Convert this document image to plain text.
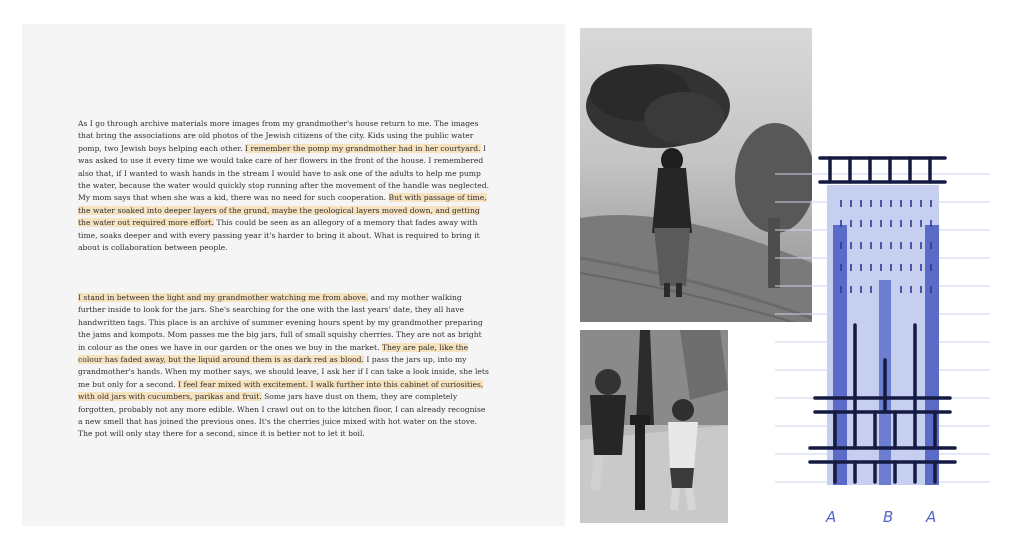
As I go through archive materials more images from my grandmother's house return to me. The images that bring the associations are old photos of the Jewish citizens of the city. Kids using the public water pomp, two Jewish boys helping each other. I remember the pomp my grandmother had in her courtyard. I was asked to use it every time we would take care of her flowers in the front of the house. I remembered also that, if I wanted to wash hands in the stream I would have to ask one of the adults to help me pump the water, because the water would quickly stop running after the movement of the handle was neglected. My mom says that when she was a kid, there was no need for such cooperation. But with passage of time, the water soaked into deeper layers of the grund, maybe the geological layers moved down, and getting the water out required more effort. This could be seen as an allegory of a memory that fades away with time, soaks deeper and with every passing year it's harder to bring it about. What is required to bring it about is collaboration between people.

I stand in between the light and my grandmother watching me from above, and my mother walking further inside to look for the jars. She's searching for the one with the last years' date, they all have handwritten tags. This place is an archive of summer evening hours spent by my grandmother preparing the jams and kompots. Mom passes me the big jars, full of small squishy cherries. They are not as bright in colour as the ones we have in our garden or the ones we buy in the market. They are pale, like the colour has faded away, but the liquid around them is as dark red as blood. I pass the jars up, into my grandmother's hands. When my mother says, we should leave, I ask her if I can take a look inside, she lets me but only for a second. I feel fear mixed with excitement. I walk further into this cabinet of curiosities, with old jars with cucumbers, parikas and fruit. Some jars have dust on them, they are completely forgotten, probably not any more edible. When I crawl out on to the kitchen floor, I can already recognise a new smell that has joined the previous ones. It's the cherries juice mixed with hot water on the stove. The pot will only stay there for a second, since it is better not to let it boil.

A	B A
